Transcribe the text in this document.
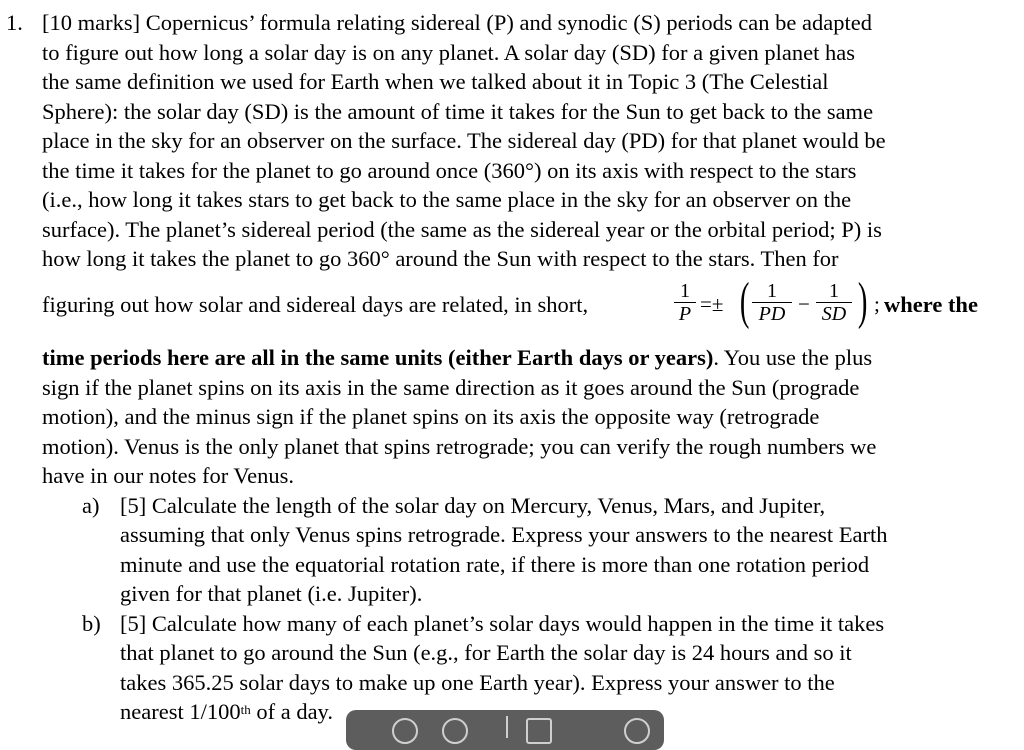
1. [10 marks] Copernicus’ formula relating sidereal (P) and synodic (S) periods can be adapted
to figure out how long a solar day is on any planet. A solar day (SD) for a given planet has
the same definition we used for Earth when we talked about it in Topic 3 (The Celestial
Sphere): the solar day (SD) is the amount of time it takes for the Sun to get back to the same
place in the sky for an observer on the surface. The sidereal day (PD) for that planet would be
the time it takes for the planet to go around once (360°) on its axis with respect to the stars
(i.e., how long it takes stars to get back to the same place in the sky for an observer on the
surface). The planet’s sidereal period (the same as the sidereal year or the orbital period; P) is
how long it takes the planet to go 360° around the Sun with respect to the stars. Then for
figuring out how solar and sidereal days are related, in short,
1
P =± ( 1
PD −
1
SD ) ; where the
time periods here are all in the same units (either Earth days or years). You use the plus
sign if the planet spins on its axis in the same direction as it goes around the Sun (prograde
motion), and the minus sign if the planet spins on its axis the opposite way (retrograde
motion). Venus is the only planet that spins retrograde; you can verify the rough numbers we
have in our notes for Venus.
a) [5] Calculate the length of the solar day on Mercury, Venus, Mars, and Jupiter,
assuming that only Venus spins retrograde. Express your answers to the nearest Earth
minute and use the equatorial rotation rate, if there is more than one rotation period
given for that planet (i.e. Jupiter).
b) [5] Calculate how many of each planet’s solar days would happen in the time it takes
that planet to go around the Sun (e.g., for Earth the solar day is 24 hours and so it
takes 365.25 solar days to make up one Earth year). Express your answer to the
nearest 1/100th of a day.
